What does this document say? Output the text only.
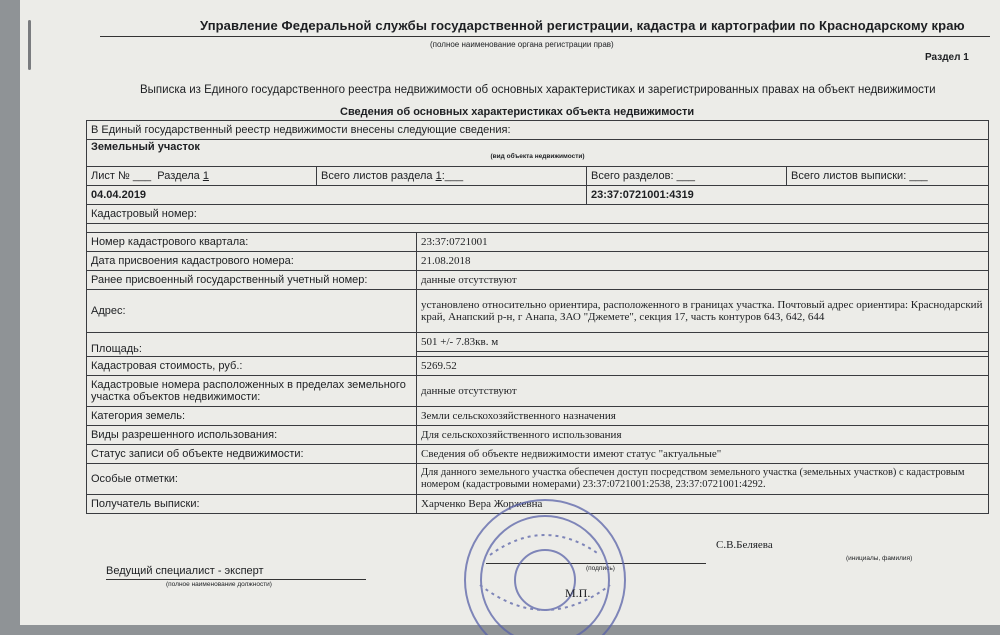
Управление Федеральной службы государственной регистрации, кадастра и картографии по Краснодарскому краю
(полное наименование органа регистрации прав)
Раздел 1
Выписка из Единого государственного реестра недвижимости об основных характеристиках и зарегистрированных правах на объект недвижимости
Сведения об основных характеристиках объекта недвижимости
В Единый государственный реестр недвижимости внесены следующие сведения:				
Земельный участок
(вид объекта недвижимости)				

Лист № ___  Раздела 1	Всего листов раздела 1:___		Всего разделов: ___	Всего листов выписки: ___
04.04.2019			23:37:0721001:4319	
Кадастровый номер:				

Номер кадастрового квартала:		23:37:0721001		
Дата присвоения кадастрового номера:		21.08.2018		
Ранее присвоенный государственный учетный номер:		данные отсутствуют		
Адрес:		установлено относительно ориентира, расположенного в границах участка. Почтовый адрес ориентира: Краснодарский край, Анапский р-н, г Анапа, ЗАО "Джемете", секция 17, часть контуров 643, 642, 644		
Площадь:		501 +/- 7.83кв. м		

Кадастровая стоимость, руб.:		5269.52		
Кадастровые номера расположенных в пределах земельного участка объектов недвижимости:		данные отсутствуют		
Категория земель:		Земли сельскохозяйственного назначения		
Виды разрешенного использования:		Для сельскохозяйственного использования		
Статус записи об объекте недвижимости:		Сведения об объекте недвижимости имеют статус "актуальные"		
Особые отметки:		Для данного земельного участка обеспечен доступ посредством земельного участка (земельных участков) с кадастровым номером (кадастровыми номерами) 23:37:0721001:2538, 23:37:0721001:4292.		
Получатель выписки:		Харченко Вера Жоржевна		
Ведущий специалист - эксперт
(полное наименование должности)
(подпись)
С.В.Беляева
(инициалы, фамилия)
М.П.
